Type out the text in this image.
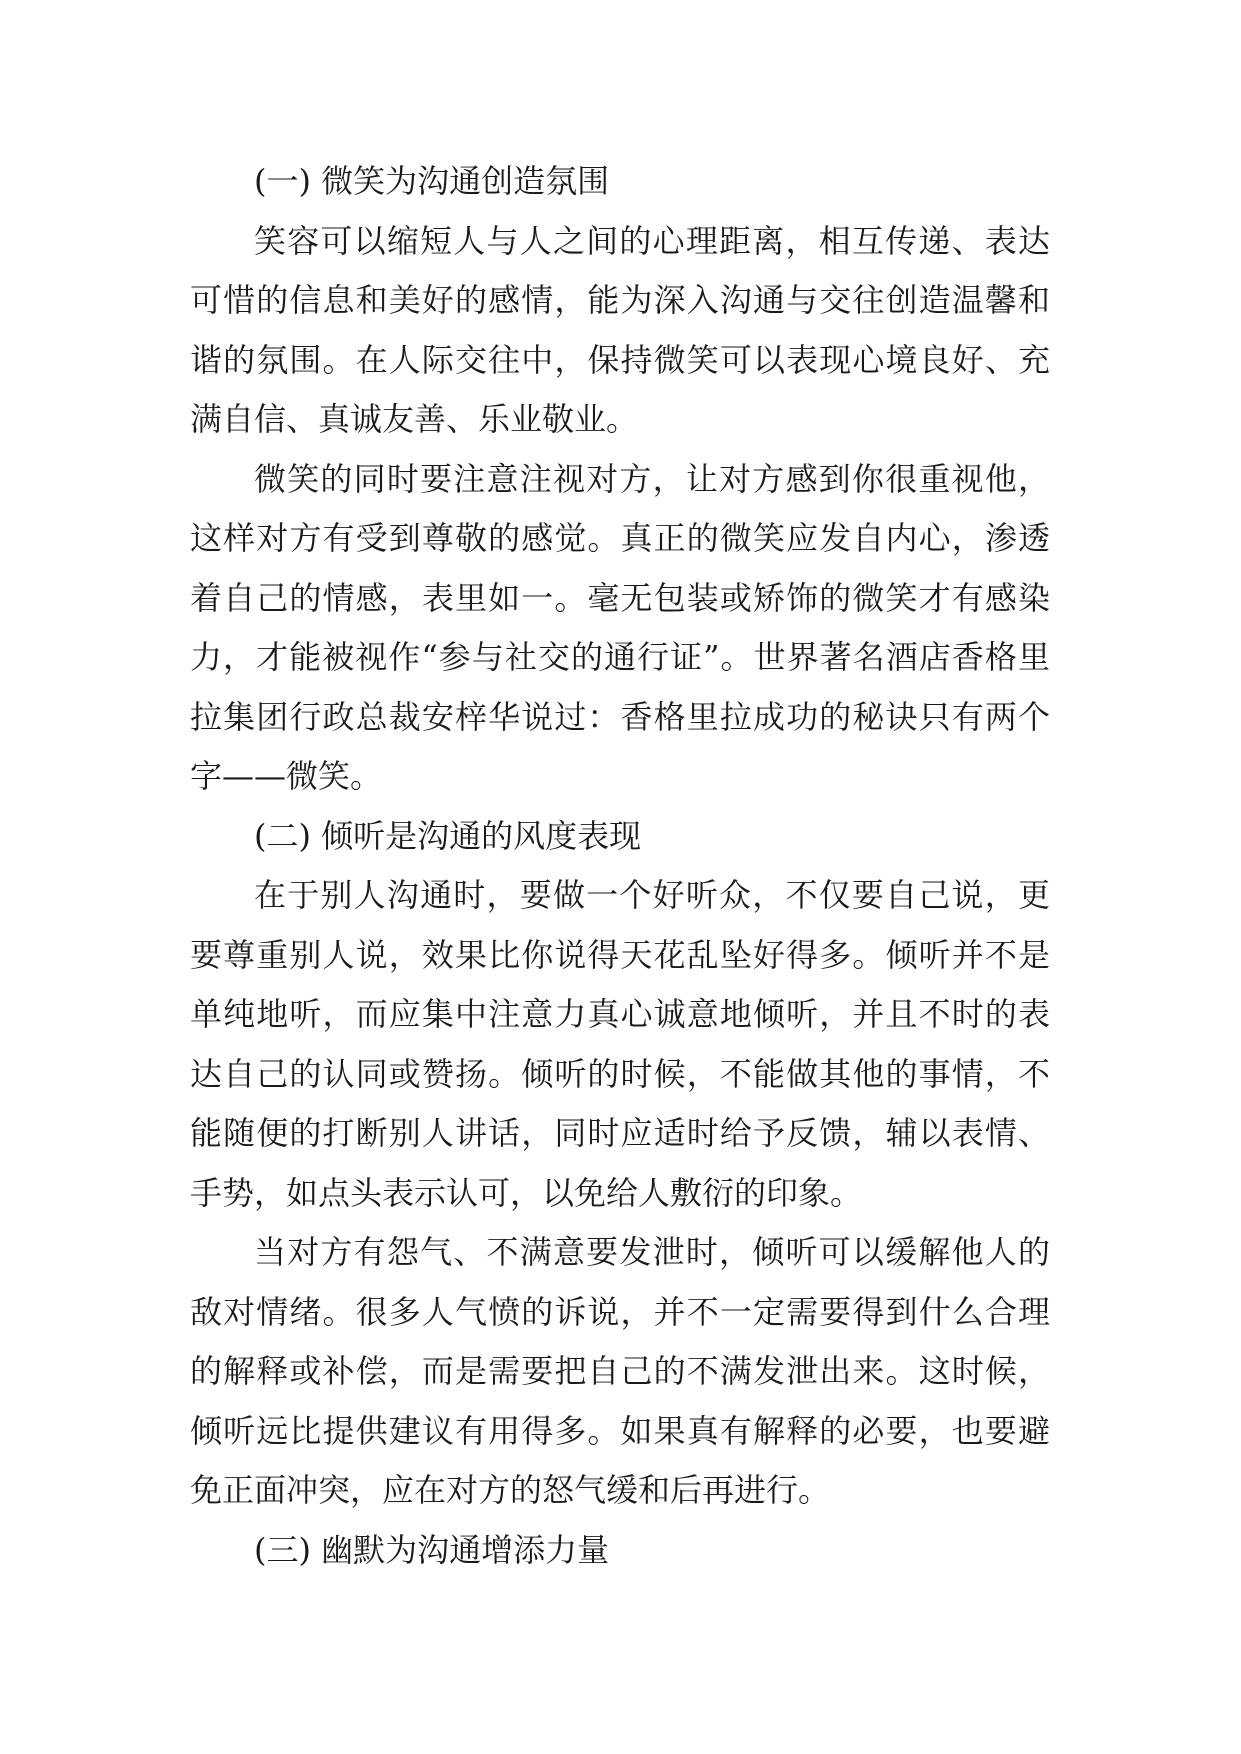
(一) 微笑为沟通创造氛围

笑容可以缩短人与人之间的心理距离，相互传递、表达可惜的信息和美好的感情，能为深入沟通与交往创造温馨和谐的氛围。在人际交往中，保持微笑可以表现心境良好、充满自信、真诚友善、乐业敬业。

微笑的同时要注意注视对方，让对方感到你很重视他，这样对方有受到尊敬的感觉。真正的微笑应发自内心，渗透着自己的情感，表里如一。毫无包装或矫饰的微笑才有感染力，才能被视作“参与社交的通行证”。世界著名酒店香格里拉集团行政总裁安梓华说过：香格里拉成功的秘诀只有两个字——微笑。

(二) 倾听是沟通的风度表现

在于别人沟通时，要做一个好听众，不仅要自己说，更要尊重别人说，效果比你说得天花乱坠好得多。倾听并不是单纯地听，而应集中注意力真心诚意地倾听，并且不时的表达自己的认同或赞扬。倾听的时候，不能做其他的事情，不能随便的打断别人讲话，同时应适时给予反馈，辅以表情、手势，如点头表示认可，以免给人敷衍的印象。

当对方有怨气、不满意要发泄时，倾听可以缓解他人的敌对情绪。很多人气愤的诉说，并不一定需要得到什么合理的解释或补偿，而是需要把自己的不满发泄出来。这时候，倾听远比提供建议有用得多。如果真有解释的必要，也要避免正面冲突，应在对方的怒气缓和后再进行。

(三) 幽默为沟通增添力量
